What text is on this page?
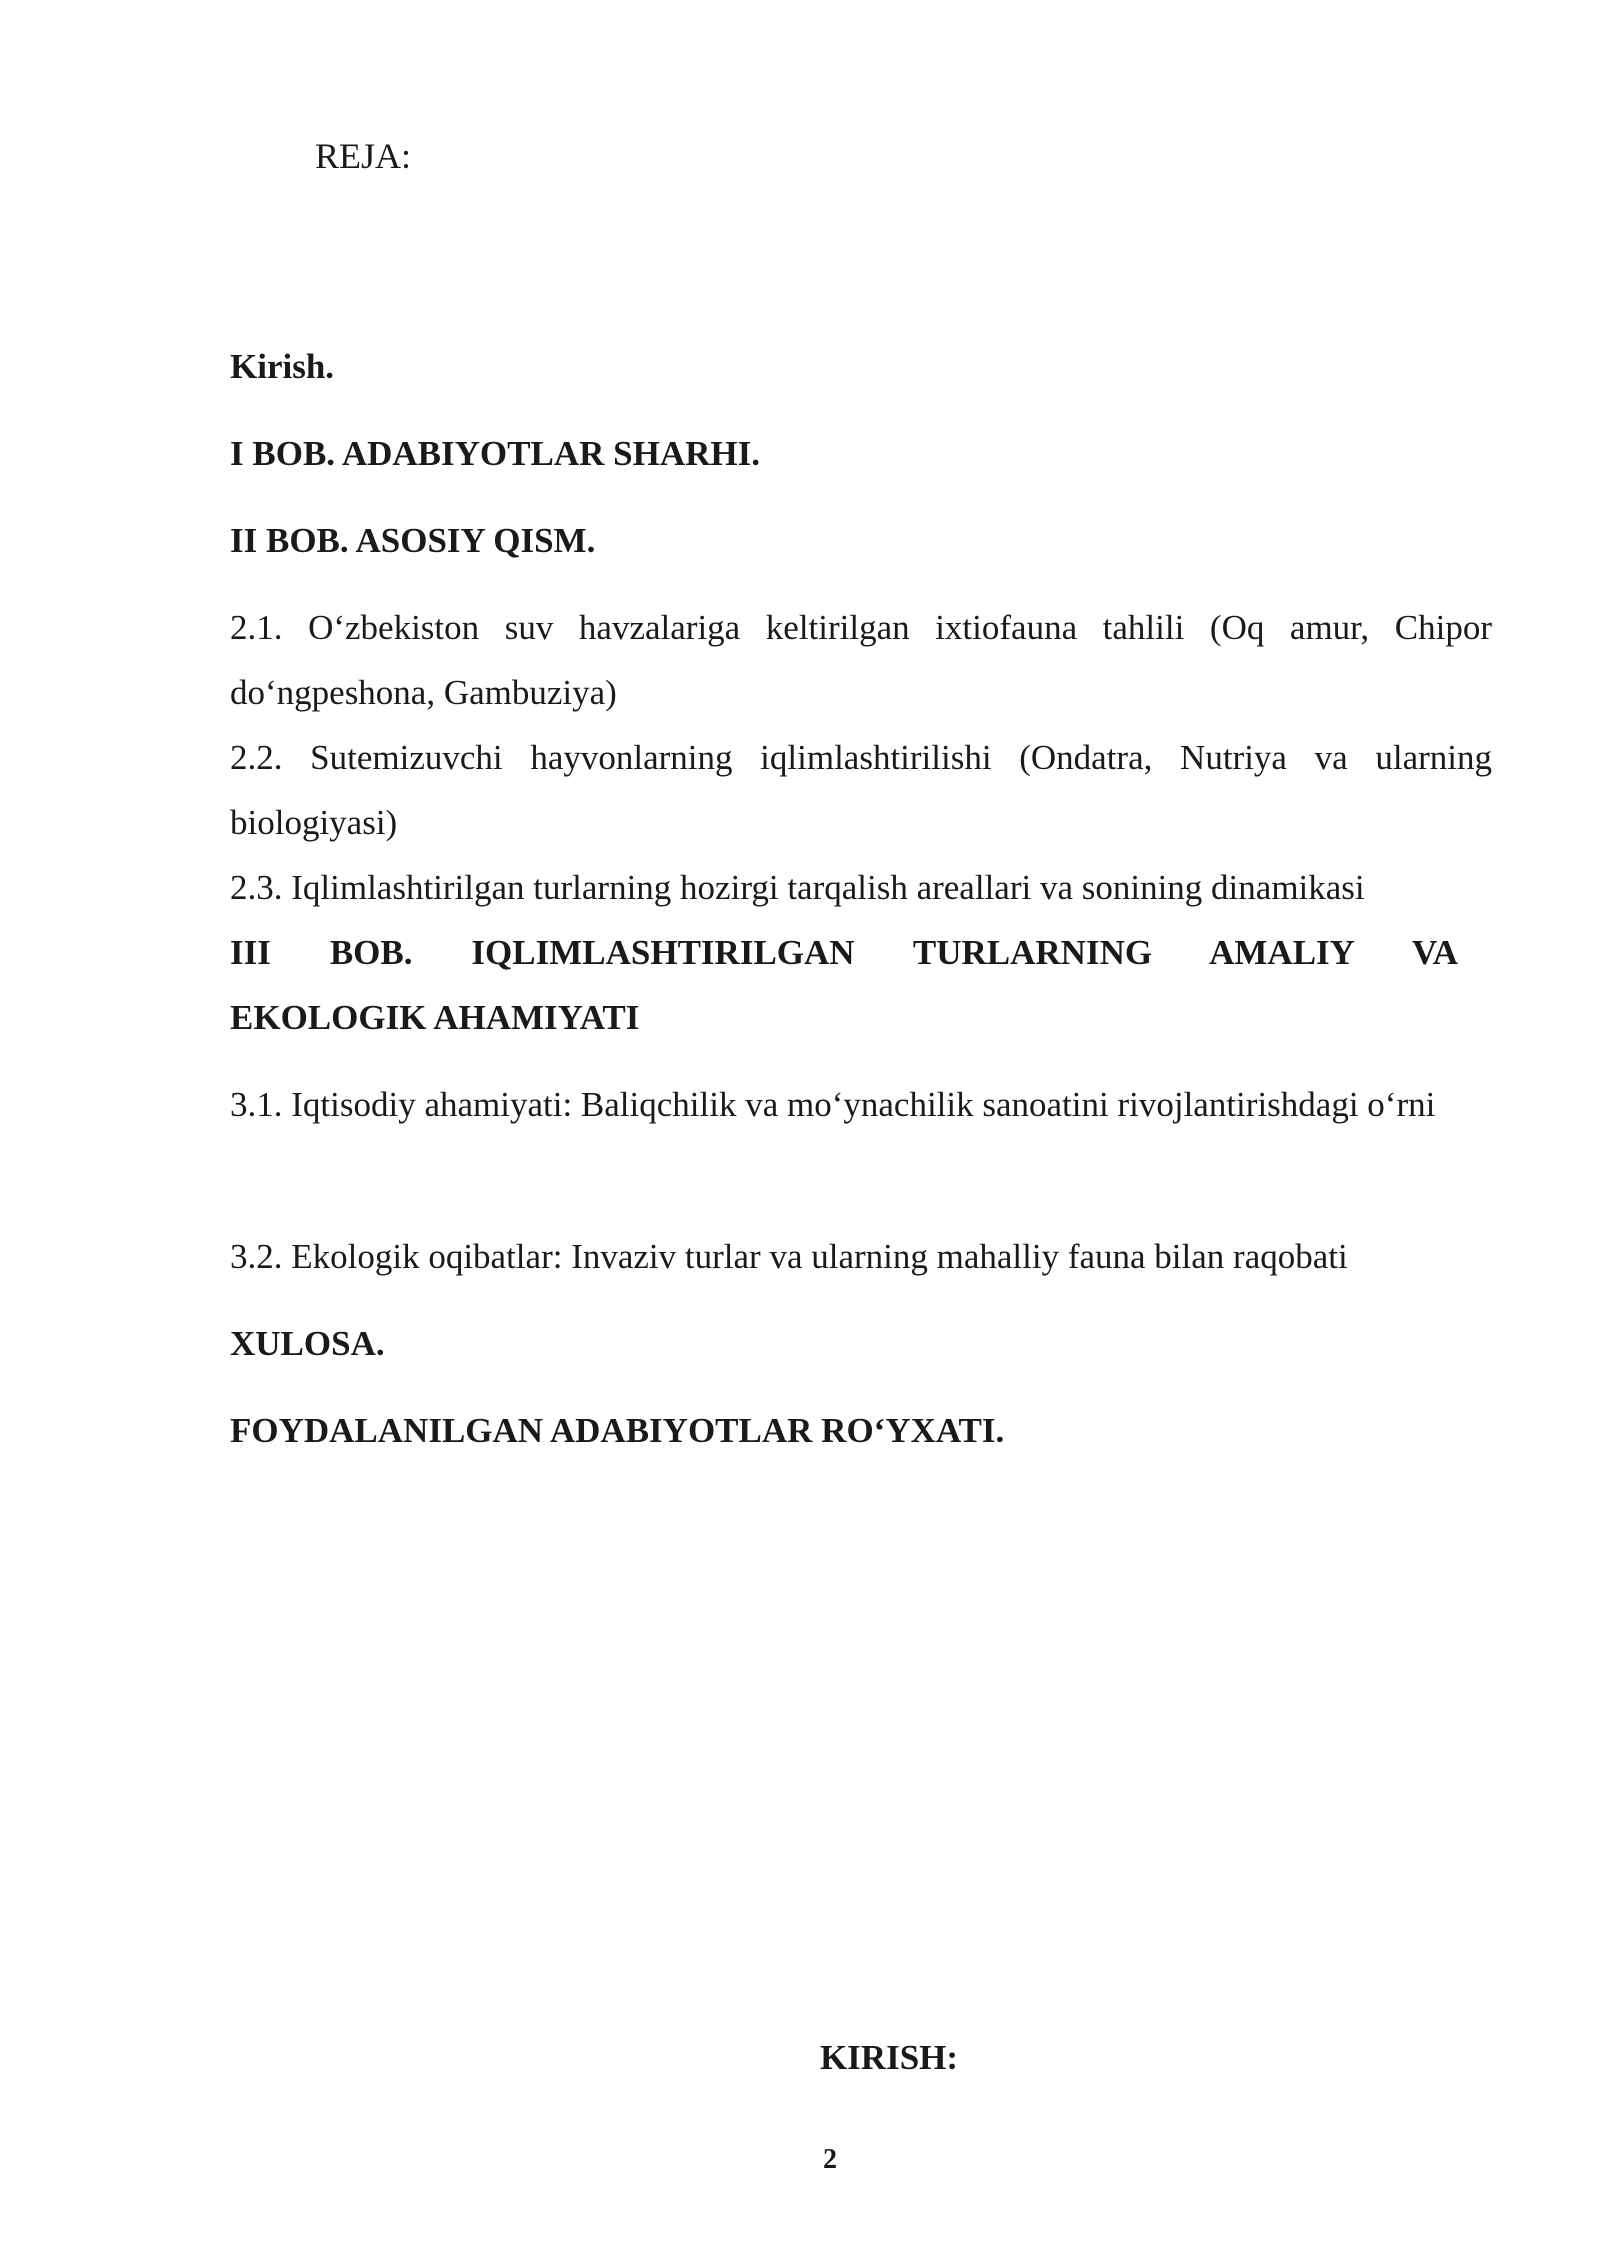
REJA:

Kirish.

I BOB. ADABIYOTLAR SHARHI.

II BOB. ASOSIY QISM.

2.1. O‘zbekiston suv havzalariga keltirilgan ixtiofauna tahlili (Oq amur, Chipor do‘ngpeshona, Gambuziya)

2.2. Sutemizuvchi hayvonlarning iqlimlashtirilishi (Ondatra, Nutriya va ularning biologiyasi)

2.3. Iqlimlashtirilgan turlarning hozirgi tarqalish areallari va sonining dinamikasi

III BOB. IQLIMLASHTIRILGAN TURLARNING AMALIY VA

EKOLOGIK AHAMIYATI

3.1. Iqtisodiy ahamiyati: Baliqchilik va mo‘ynachilik sanoatini rivojlantirishdagi o‘rni

3.2. Ekologik oqibatlar: Invaziv turlar va ularning mahalliy fauna bilan raqobati

XULOSA.

FOYDALANILGAN ADABIYOTLAR RO‘YXATI.

KIRISH:

2
